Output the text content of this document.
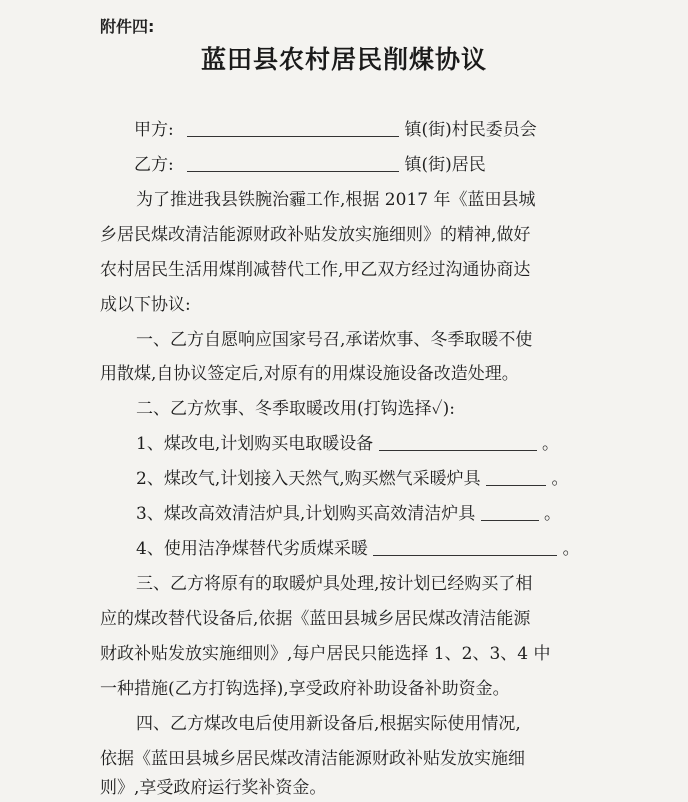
附件四:
蓝田县农村居民削煤协议
甲方:	镇(街)村民委员会
乙方:	镇(街)居民
为了推进我县铁腕治霾工作,根据 2017 年《蓝田县城
乡居民煤改清洁能源财政补贴发放实施细则》的精神,做好
农村居民生活用煤削减替代工作,甲乙双方经过沟通协商达
成以下协议:
一、乙方自愿响应国家号召,承诺炊事、冬季取暖不使
用散煤,自协议签定后,对原有的用煤设施设备改造处理。
二、乙方炊事、冬季取暖改用(打钩选择✓):
1、煤改电,计划购买电取暖设备	。
2、煤改气,计划接入天然气,购买燃气采暖炉具	。
3、煤改高效清洁炉具,计划购买高效清洁炉具	。
4、使用洁净煤替代劣质煤采暖	。
三、乙方将原有的取暖炉具处理,按计划已经购买了相
应的煤改替代设备后,依据《蓝田县城乡居民煤改清洁能源
财政补贴发放实施细则》,每户居民只能选择 1、2、3、4 中
一种措施(乙方打钩选择),享受政府补助设备补助资金。
四、乙方煤改电后使用新设备后,根据实际使用情况,
依据《蓝田县城乡居民煤改清洁能源财政补贴发放实施细
则》,享受政府运行奖补资金。
